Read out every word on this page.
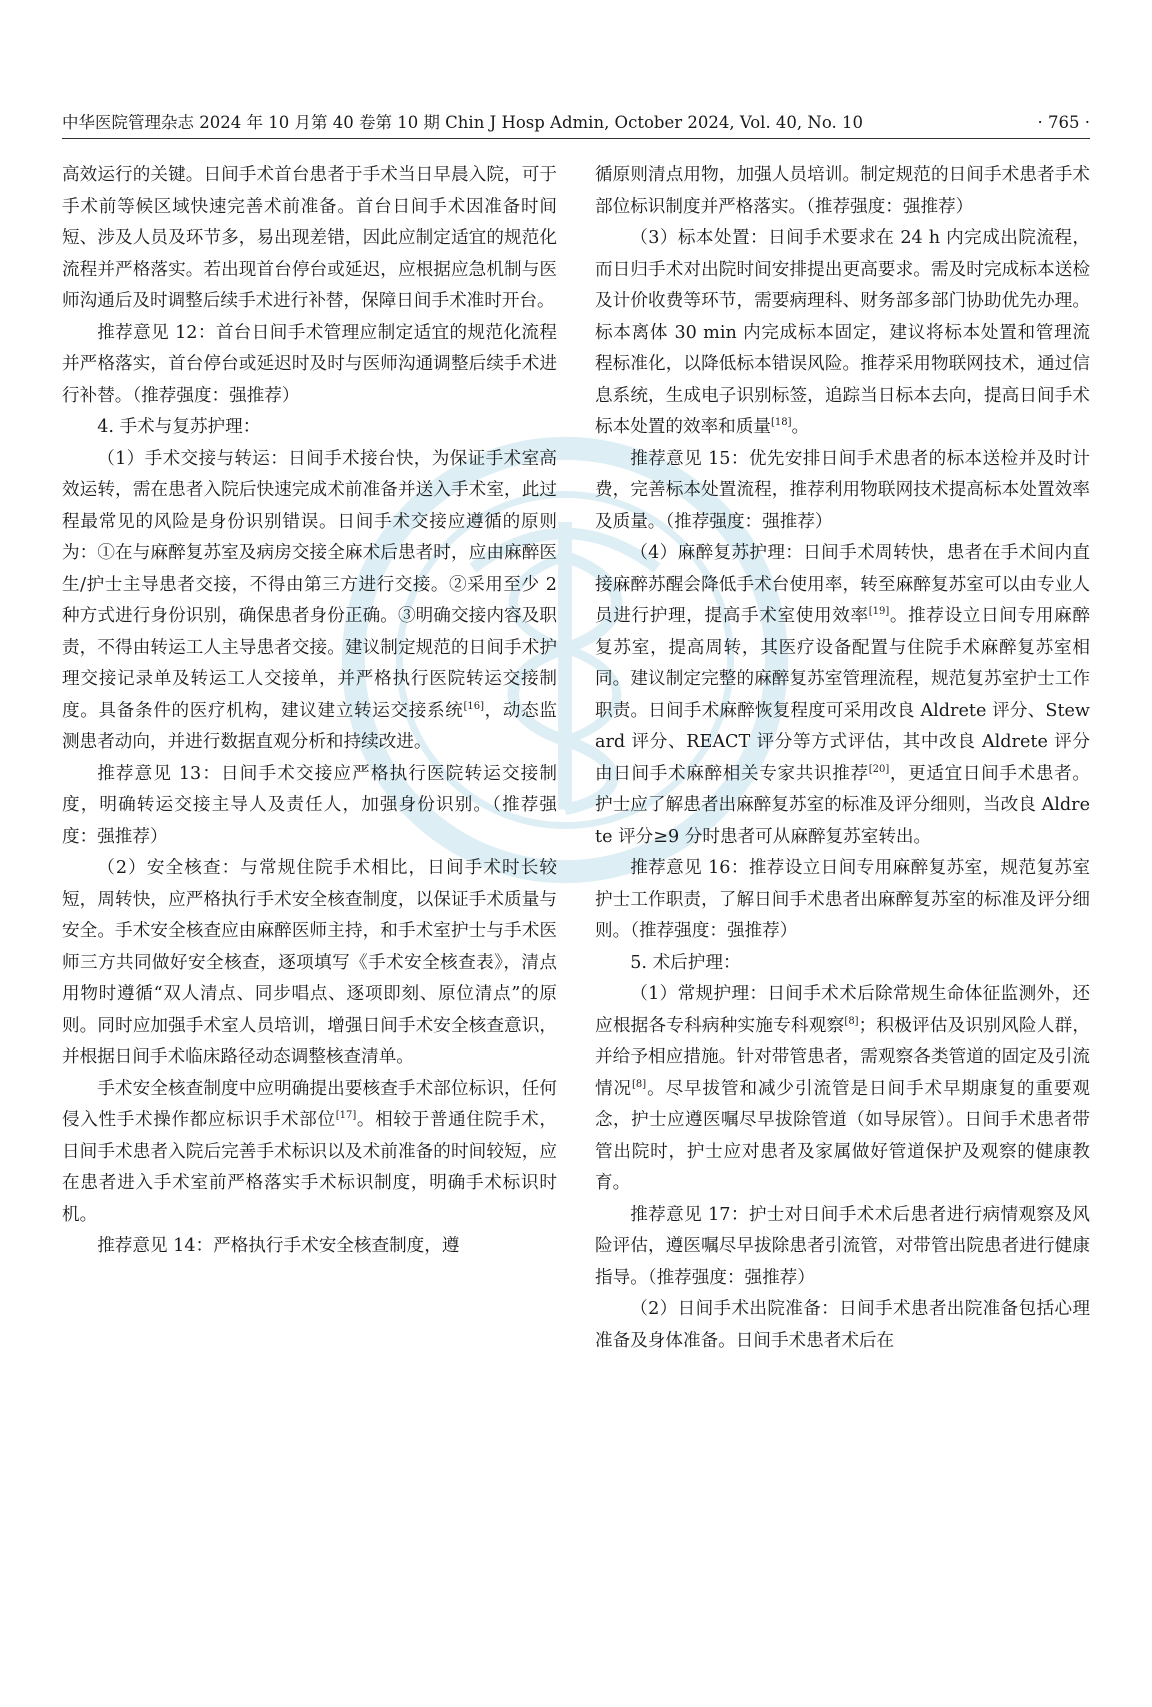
中华医院管理杂志 2024 年 10 月第 40 卷第 10 期 Chin J Hosp Admin, October 2024, Vol. 40, No. 10	· 765 ·

高效运行的关键。日间手术首台患者于手术当日早晨入院，可于手术前等候区域快速完善术前准备。首台日间手术因准备时间短、涉及人员及环节多，易出现差错，因此应制定适宜的规范化流程并严格落实。若出现首台停台或延迟，应根据应急机制与医师沟通后及时调整后续手术进行补替，保障日间手术准时开台。

推荐意见 12：首台日间手术管理应制定适宜的规范化流程并严格落实，首台停台或延迟时及时与医师沟通调整后续手术进行补替。（推荐强度：强推荐）

4. 手术与复苏护理：

（1）手术交接与转运：日间手术接台快，为保证手术室高效运转，需在患者入院后快速完成术前准备并送入手术室，此过程最常见的风险是身份识别错误。日间手术交接应遵循的原则为：①在与麻醉复苏室及病房交接全麻术后患者时，应由麻醉医生/护士主导患者交接，不得由第三方进行交接。②采用至少 2 种方式进行身份识别，确保患者身份正确。③明确交接内容及职责，不得由转运工人主导患者交接。建议制定规范的日间手术护理交接记录单及转运工人交接单，并严格执行医院转运交接制度。具备条件的医疗机构，建议建立转运交接系统[16]，动态监测患者动向，并进行数据直观分析和持续改进。

推荐意见 13：日间手术交接应严格执行医院转运交接制度，明确转运交接主导人及责任人，加强身份识别。（推荐强度：强推荐）

（2）安全核查：与常规住院手术相比，日间手术时长较短，周转快，应严格执行手术安全核查制度，以保证手术质量与安全。手术安全核查应由麻醉医师主持，和手术室护士与手术医师三方共同做好安全核查，逐项填写《手术安全核查表》，清点用物时遵循“双人清点、同步唱点、逐项即刻、原位清点”的原则。同时应加强手术室人员培训，增强日间手术安全核查意识，并根据日间手术临床路径动态调整核查清单。

手术安全核查制度中应明确提出要核查手术部位标识，任何侵入性手术操作都应标识手术部位[17]。相较于普通住院手术，日间手术患者入院后完善手术标识以及术前准备的时间较短，应在患者进入手术室前严格落实手术标识制度，明确手术标识时机。

推荐意见 14：严格执行手术安全核查制度，遵

循原则清点用物，加强人员培训。制定规范的日间手术患者手术部位标识制度并严格落实。（推荐强度：强推荐）

（3）标本处置：日间手术要求在 24 h 内完成出院流程，而日归手术对出院时间安排提出更高要求。需及时完成标本送检及计价收费等环节，需要病理科、财务部多部门协助优先办理。标本离体 30 min 内完成标本固定，建议将标本处置和管理流程标准化，以降低标本错误风险。推荐采用物联网技术，通过信息系统，生成电子识别标签，追踪当日标本去向，提高日间手术标本处置的效率和质量[18]。

推荐意见 15：优先安排日间手术患者的标本送检并及时计费，完善标本处置流程，推荐利用物联网技术提高标本处置效率及质量。（推荐强度：强推荐）

（4）麻醉复苏护理：日间手术周转快，患者在手术间内直接麻醉苏醒会降低手术台使用率，转至麻醉复苏室可以由专业人员进行护理，提高手术室使用效率[19]。推荐设立日间专用麻醉复苏室，提高周转，其医疗设备配置与住院手术麻醉复苏室相同。建议制定完整的麻醉复苏室管理流程，规范复苏室护士工作职责。日间手术麻醉恢复程度可采用改良 Aldrete 评分、Steward 评分、REACT 评分等方式评估，其中改良 Aldrete 评分由日间手术麻醉相关专家共识推荐[20]，更适宜日间手术患者。护士应了解患者出麻醉复苏室的标准及评分细则，当改良 Aldrete 评分≥9 分时患者可从麻醉复苏室转出。

推荐意见 16：推荐设立日间专用麻醉复苏室，规范复苏室护士工作职责，了解日间手术患者出麻醉复苏室的标准及评分细则。（推荐强度：强推荐）

5. 术后护理：

（1）常规护理：日间手术术后除常规生命体征监测外，还应根据各专科病种实施专科观察[8]；积极评估及识别风险人群，并给予相应措施。针对带管患者，需观察各类管道的固定及引流情况[8]。尽早拔管和减少引流管是日间手术早期康复的重要观念，护士应遵医嘱尽早拔除管道（如导尿管）。日间手术患者带管出院时，护士应对患者及家属做好管道保护及观察的健康教育。

推荐意见 17：护士对日间手术术后患者进行病情观察及风险评估，遵医嘱尽早拔除患者引流管，对带管出院患者进行健康指导。（推荐强度：强推荐）

（2）日间手术出院准备：日间手术患者出院准备包括心理准备及身体准备。日间手术患者术后在
